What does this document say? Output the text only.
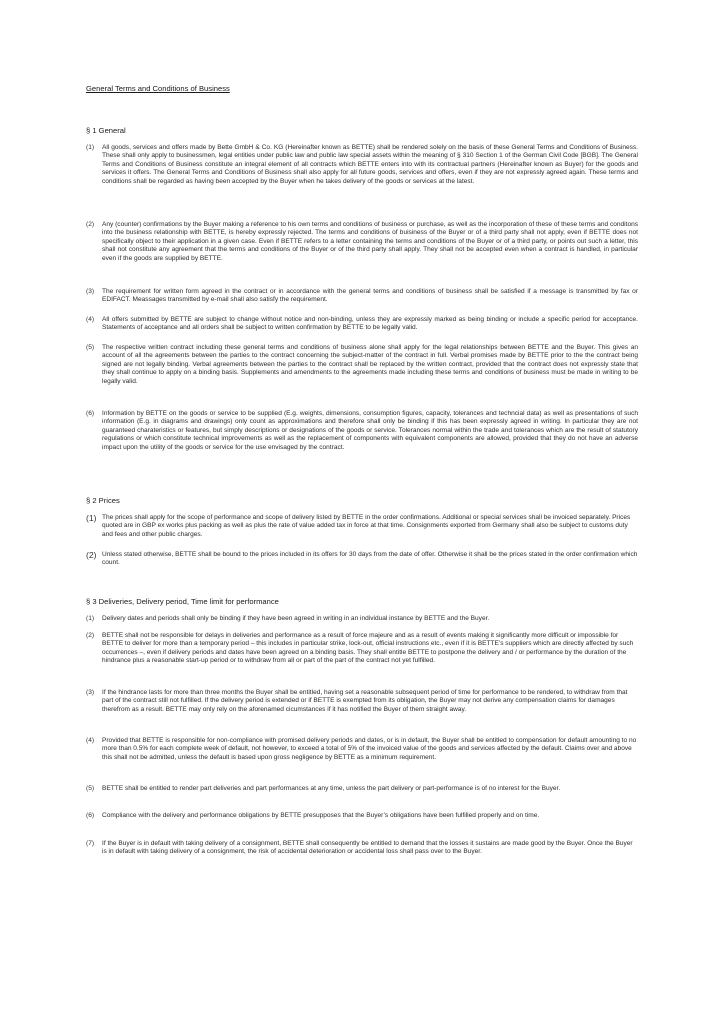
General Terms and Conditions of Business
§ 1 General
(1)	All goods, services and offers made by Bette GmbH & Co. KG (Hereinafter known as BETTE) shall be rendered solely on the basis of these General Terms and Conditions of Business. These shall only apply to businessmen, legal entities under public law and public law special assets within the meaning of § 310 Section 1 of the German Civil Code [BGB]. The General Terms and Conditions of Business constitute an integral element of all contracts which BETTE enters into with its contractual partners (Hereinafter known as Buyer) for the goods and services it offers. The General Terms and Conditions of Business shall also apply for all future goods, services and offers, even if they are not expressly agreed again. These terms and conditions shall be regarded as having been accepted by the Buyer when he takes delivery of the goods or services at the latest.
(2)	Any (counter) confirmations by the Buyer making a reference to his own terms and conditions of business or purchase, as well as the incorporation of these of these terms and conditons into the business relationship with BETTE, is hereby expressly rejected. The terms and conditions of buisiness of the Buyer or of a third party shall not apply, even if BETTE does not specifically object to their application in a given case. Even if BETTE refers to a letter containing the terms and conditions of the Buyer or of a third party, or points out such a letter, this shall not constitute any agreement that the terms and conditions of the Buyer or of the third party shall apply. They shall not be accepted even when a contract is handled, in particular even if the goods are supplied by BETTE.
(3)	The requirement for written form agreed in the contract or in accordance with the general terms and conditions of business shall be satisfied if a message is transmitted by fax or EDIFACT. Meassages transmitted by e-mail shall also satisfy the requirement.
(4)	All offers submitted by BETTE are subject to change without notice and non-binding, unless they are expressly marked as being binding or include a specific period for acceptance. Statements of acceptance and all orders shall be subject to written confirmation by BETTE to be legally valid.
(5)	The respective written contract including these general terms and conditions of business alone shall apply for the legal relationships between BETTE and the Buyer. This gives an account of all the agreements between the parties to the contract concerning the subject-matter of the contract in full. Verbal promises made by BETTE prior to the the contract being signed are not legally binding. Verbal agreements between the parties to the contract shall be replaced by the written contract, provided that the contract does not expressly state that they shall continue to apply on a binding basis. Supplements and amendments to the agreements made including these terms and conditions of business must be made in writing to be legally valid.
(6)	Information by BETTE on the goods or service to be supplied (E.g. weights, dimensions, consumption figures, capacity, tolerances and techncial data) as well as presentations of such information (E.g. in diagrams and drawings) only count as approximations and therefore shall only be binding if this has been expressly agreed in writing. In particular they are not guaranteed charateristics or features, but simply descriptions or designations of the goods or service. Tolerances normal within the trade and tolerances which are the result of statutory regulations or which constitute technical improvements as well as the replacement of components with equivalent components are allowed, provided that they do not have an adverse impact upon the utility of the goods or service for the use envisaged by the contract.
§ 2 Prices
(1) The prices shall apply for the scope of performance and scope of delivery listed by BETTE in the order confirmations. Additional or special services shall be invoiced separately. Prices quoted are in GBP ex works plus packing as well as plus the rate of value added tax in force at that time. Consignments exported from Germany shall also be subject to customs duty and fees and other public charges.
(2) Unless stated otherwise, BETTE shall be bound to the prices included in its offers for 30 days from the date of offer. Otherwise it shall be the prices stated in the order confirmation which count.
§ 3 Deliveries, Delivery period, Time limit for performance
(1)	Delivery dates and periods shall only be binding if they have been agreed in writing in an individual instance by BETTE and the Buyer.
(2)	BETTE shall not be responsible for delays in deliveries and performance as a result of force majeure and as a result of events making it significantly more difficult or impossible for BETTE to deliver for more than a temporary period – this includes in particular strike, lock-out, official instructions etc., even if it is BETTE’s suppliers which are directly affected by such occurrences –, even if delivery periods and dates have been agreed on a binding basis. They shall entitle BETTE to postpone the delivery and / or performance by the duration of the hindrance plus a reasonable start-up period or to withdraw from all or part of the part of the contract not yet fulfilled.
(3)	If the hindrance lasts for more than three months the Buyer shall be entitled, having set a reasonable subsequent period of time for performance to be rendered, to withdraw from that part of the contract still not fulfilled. If the delivery period is extended or if BETTE is exempted from its obligation, the Buyer may not derive any compensation claims for damages therefrom as a result. BETTE may only rely on the aforenamed cicumstances if it has notified the Buyer of them straight away.
(4)	Provided that BETTE is responsible for non-compliance with promised delivery periods and dates, or is in default, the Buyer shall be entitled to compensation for default amounting to no more than 0.5% for each complete week of default, not however, to exceed a total of 5% of the invoiced value of the goods and services affected by the default. Claims over and above this shall not be admitted, unless the default is based upon gross negligence by BETTE as a minimum requirement.
(5)	BETTE shall be entitled to render part deliveries and part performances at any time, unless the part delivery or part-performance is of no interest for the Buyer.
(6)	Compliance with the delivery and performance obligations by BETTE presupposes that the Buyer’s obligations have been fulfilled properly and on time.
(7)	If the Buyer is in default with taking delivery of a consignment, BETTE shall consequently be entitled to demand that the losses it sustains are made good by the Buyer. Once the Buyer is in default with taking delivery of a consignment, the risk of accidental deterioration or accidental loss shall pass over to the Buyer.
